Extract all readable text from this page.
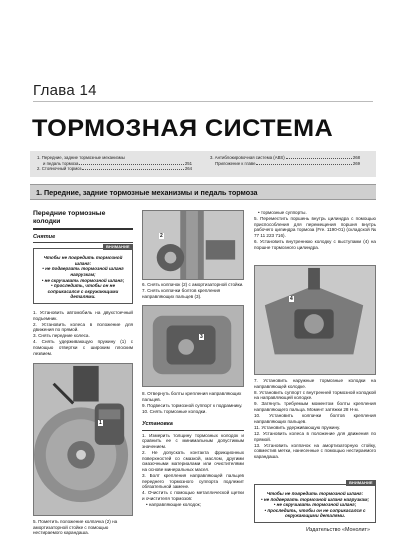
Глава 14
ТОРМОЗНАЯ СИСТЕМА
1. Передние, задние тормозные механизмы
и педаль тормоза	251
2. Стояночный тормоз	264
3. Антиблокировочная система (ABS)	268
Приложение к главе	269
1. Передние, задние тормозные механизмы и педаль тормоза
Передние тормозные колодки
Снятие
ВНИМАНИЕ

Чтобы не повредить тормозной шланг:

• не подвергать тормозной шланг нагрузкам;

• не скручивать тормозной шланг;

• проследить, чтобы он не соприкасался с окружающими деталями.

1. Установить автомобиль на двухстоечный подъемник.

2. Установить колеса в положение для движения по прямой.

3. Снять передние колеса.

4. Снять удерживающую пружину (1) с помощью отвертки с широким плоским лезвием.

1

5. Пометить положение колпачка (2) на амортизаторной стойке с помощью нестираемого карандаша.

2

6. Снять колпачок (2) с амортизаторной стойки.

7. Снять колпачки болтов крепления направляющих пальцев (3).

3

8. Отвернуть болты крепления направляющих пальцев.

9. Подвесить тормозной суппорт к подрамнику.

10. Снять тормозные колодки.

Установка

1. Измерить толщину тормозных колодок и сравнить ее с минимальным допустимым значением.

2. Не допускать контакта фрикционных поверхностей со смазкой, маслом, другими смазочными материалами или очистителями на основе минеральных масел.

3. Болт крепления направляющей пальцев переднего тормозного суппорта подлежит обязательной замене.

4. Очистить с помощью металлической щетки и очистителя тормозов:

• направляющие колодок;

• тормозные суппорты.

5. Переместить поршень внутрь цилиндра с помощью приспособления для перемещения поршня внутрь рабочего цилиндра тормоза (Fre. 1190-01) (складской № 77 11 223 716).

6. Установить внутреннюю колодку с выступами (4) на поршне тормозного цилиндра.

4

7. Установить наружные тормозные колодки на направляющей колодке.

8. Установить суппорт с внутренней тормозной колодкой на направляющей колодке.

9. Затянуть требуемым моментом болты крепления направляющего пальца. Момент затяжки 28 Н·м.

10. Установить колпачки болтов крепления направляющих пальцев.

11. Установить удерживающую пружину.

12. Установить колеса в положение для движения по прямой.

13. Установить колпачок на амортизаторную стойку, совместив метки, нанесенные с помощью нестираемого карандаша.

ВНИМАНИЕ

Чтобы не повредить тормозной шланг:

• не подвергать тормозной шланг нагрузкам;

• не скручивать тормозной шланг;

• проследить, чтобы он не соприкасался с окружающими деталями.

Издательство «Монолит»
